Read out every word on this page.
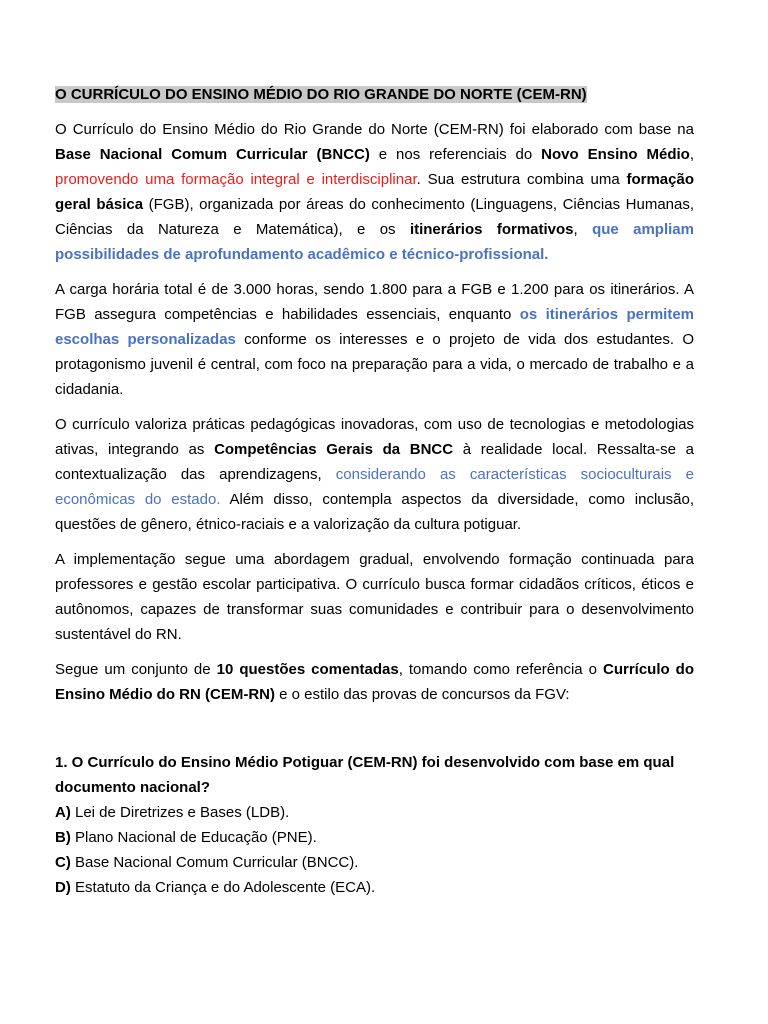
O CURRÍCULO DO ENSINO MÉDIO DO RIO GRANDE DO NORTE (CEM-RN)

O Currículo do Ensino Médio do Rio Grande do Norte (CEM-RN) foi elaborado com base na Base Nacional Comum Curricular (BNCC) e nos referenciais do Novo Ensino Médio, promovendo uma formação integral e interdisciplinar. Sua estrutura combina uma formação geral básica (FGB), organizada por áreas do conhecimento (Linguagens, Ciências Humanas, Ciências da Natureza e Matemática), e os itinerários formativos, que ampliam possibilidades de aprofundamento acadêmico e técnico-profissional.

A carga horária total é de 3.000 horas, sendo 1.800 para a FGB e 1.200 para os itinerários. A FGB assegura competências e habilidades essenciais, enquanto os itinerários permitem escolhas personalizadas conforme os interesses e o projeto de vida dos estudantes. O protagonismo juvenil é central, com foco na preparação para a vida, o mercado de trabalho e a cidadania.

O currículo valoriza práticas pedagógicas inovadoras, com uso de tecnologias e metodologias ativas, integrando as Competências Gerais da BNCC à realidade local. Ressalta-se a contextualização das aprendizagens, considerando as características socioculturais e econômicas do estado. Além disso, contempla aspectos da diversidade, como inclusão, questões de gênero, étnico-raciais e a valorização da cultura potiguar.

A implementação segue uma abordagem gradual, envolvendo formação continuada para professores e gestão escolar participativa. O currículo busca formar cidadãos críticos, éticos e autônomos, capazes de transformar suas comunidades e contribuir para o desenvolvimento sustentável do RN.

Segue um conjunto de 10 questões comentadas, tomando como referência o Currículo do Ensino Médio do RN (CEM-RN) e o estilo das provas de concursos da FGV:

1. O Currículo do Ensino Médio Potiguar (CEM-RN) foi desenvolvido com base em qual documento nacional?

A) Lei de Diretrizes e Bases (LDB).

B) Plano Nacional de Educação (PNE).

C) Base Nacional Comum Curricular (BNCC).

D) Estatuto da Criança e do Adolescente (ECA).
